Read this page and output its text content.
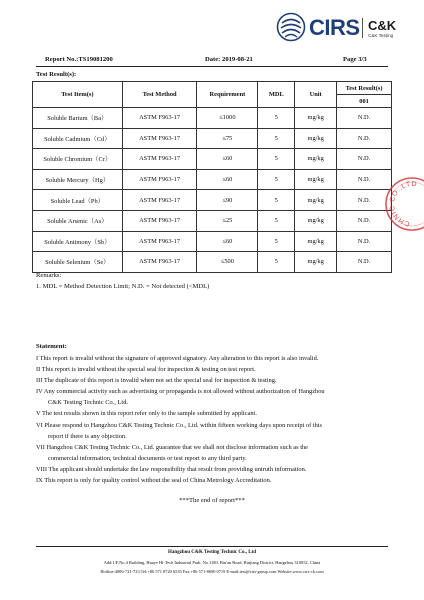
CIRS C&K
C&K Testing
Report No.:TS19081200	Date: 2019-08-21	Page 3/3
Test Result(s):
Test Item(s)	Test Method	Requirement	MDL	Unit	Test Result(s)
					001
Soluble Barium（Ba）	ASTM F963-17	≤1000	5	mg/kg	N.D.
Soluble Cadmium（Cd）	ASTM F963-17	≤75	5	mg/kg	N.D.
Soluble Chromium（Cr）	ASTM F963-17	≤60	5	mg/kg	N.D.
Soluble Mercury（Hg）	ASTM F963-17	≤60	5	mg/kg	N.D.
Soluble Lead（Pb）	ASTM F963-17	≤90	5	mg/kg	N.D.
Soluble Arsenic（As）	ASTM F963-17	≤25	5	mg/kg	N.D.
Soluble Antimony（Sb）	ASTM F963-17	≤60	5	mg/kg	N.D.
Soluble Selenium（Se）	ASTM F963-17	≤500	5	mg/kg	N.D.
Remarks:
1. MDL = Method Detection Limit; N.D. = Not detected (<MDL)
Statement:
I This report is invalid without the signature of approved signatory. Any alteration to this report is also invalid.
II This report is invalid without the special seal for inspection & testing on test report.
III The duplicate of this report is invalid when not set the special seal for inspection & testing.
IV Any commercial activity such as advertising or propaganda is not allowed without authorization of Hangzhou
C&K Testing Technic Co., Ltd.
V The test results shown in this report refer only to the sample submitted by applicant.
VI Please respond to Hangzhou C&K Testing Technic Co., Ltd. within fifteen working days upon receipt of this
report if there is any objection.
VII Hangzhou C&K Testing Technic Co., Ltd. guarantee that we shall not disclose information such as the
commercial information, technical documents or test report to any third party.
VIII The applicant should undertake the law responsibility that result from providing untruth information.
IX This report is only for quality control without the seal of China Metrology Accreditation.
***The end of report***
Hangzhou C&K Testing Technic Co., Ltd
Add:1/F,No.4 Building, Huaye Hi-Tech Industrial Park, No.1180, Bin'an Road, Binjiang District, Hangzhou 310052, China
Hotline:4006-721-723 Tel:+86 571 8720 6535 Fax:+86 571-8690 0719 E-mail:test@cirs-group.com Website:www.cirs-ck.com
CHNIC CO.,LTD
